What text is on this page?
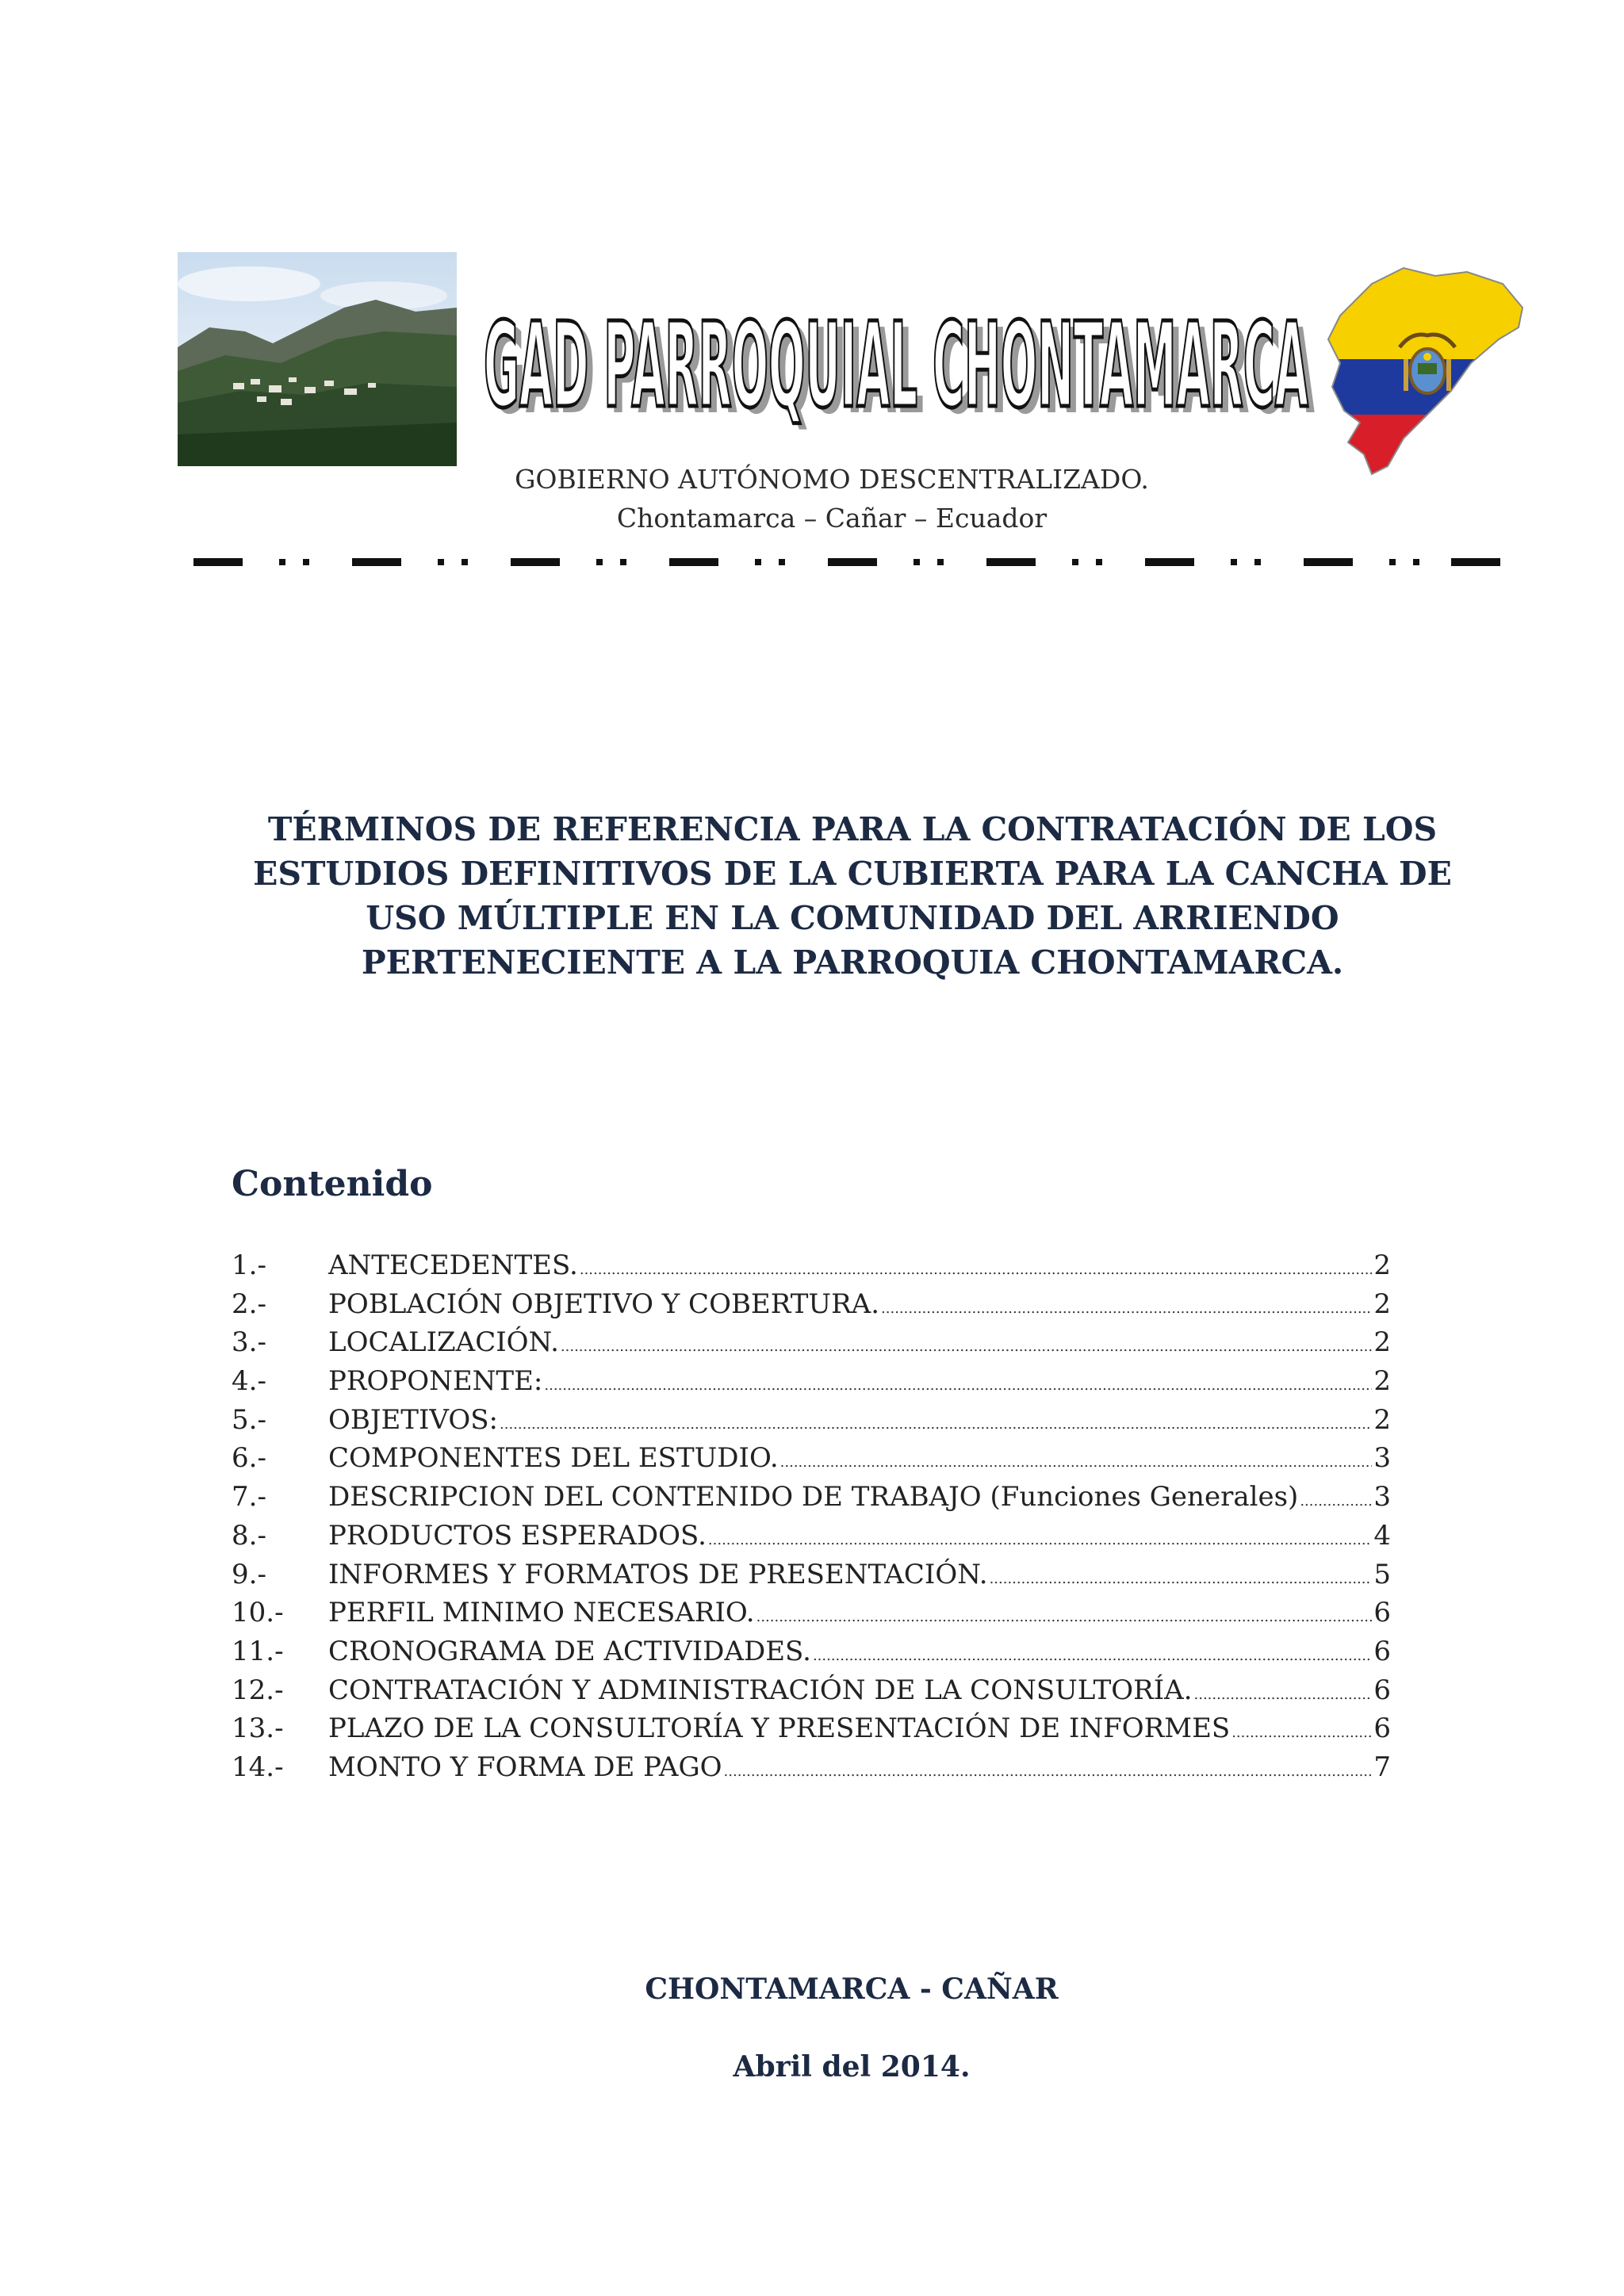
GAD PARROQUIAL CHONTAMARCA
GAD PARROQUIAL CHONTAMARCA
GOBIERNO AUTÓNOMO DESCENTRALIZADO.
Chontamarca – Cañar – Ecuador
TÉRMINOS DE REFERENCIA PARA LA CONTRATACIÓN DE LOS ESTUDIOS DEFINITIVOS DE LA CUBIERTA PARA LA CANCHA DE USO MÚLTIPLE EN LA COMUNIDAD DEL ARRIENDO PERTENECIENTE A LA PARROQUIA CHONTAMARCA.
Contenido
1.-	ANTECEDENTES. .....	2
2.-	POBLACIÓN OBJETIVO Y COBERTURA. .....	2
3.-	LOCALIZACIÓN. .....	2
4.-	PROPONENTE: .....	2
5.-	OBJETIVOS: .....	2
6.-	COMPONENTES DEL ESTUDIO. .....	3
7.-	DESCRIPCION DEL CONTENIDO DE TRABAJO (Funciones Generales) .....	3
8.-	PRODUCTOS ESPERADOS. .....	4
9.-	INFORMES Y FORMATOS DE PRESENTACIÓN. .....	5
10.-	PERFIL MINIMO NECESARIO. .....	6
11.-	CRONOGRAMA DE ACTIVIDADES. .....	6
12.-	CONTRATACIÓN Y ADMINISTRACIÓN DE LA CONSULTORÍA. .....	6
13.-	PLAZO DE LA CONSULTORÍA Y PRESENTACIÓN DE INFORMES .....	6
14.-	MONTO Y FORMA DE PAGO .....	7
CHONTAMARCA - CAÑAR
Abril del 2014.
